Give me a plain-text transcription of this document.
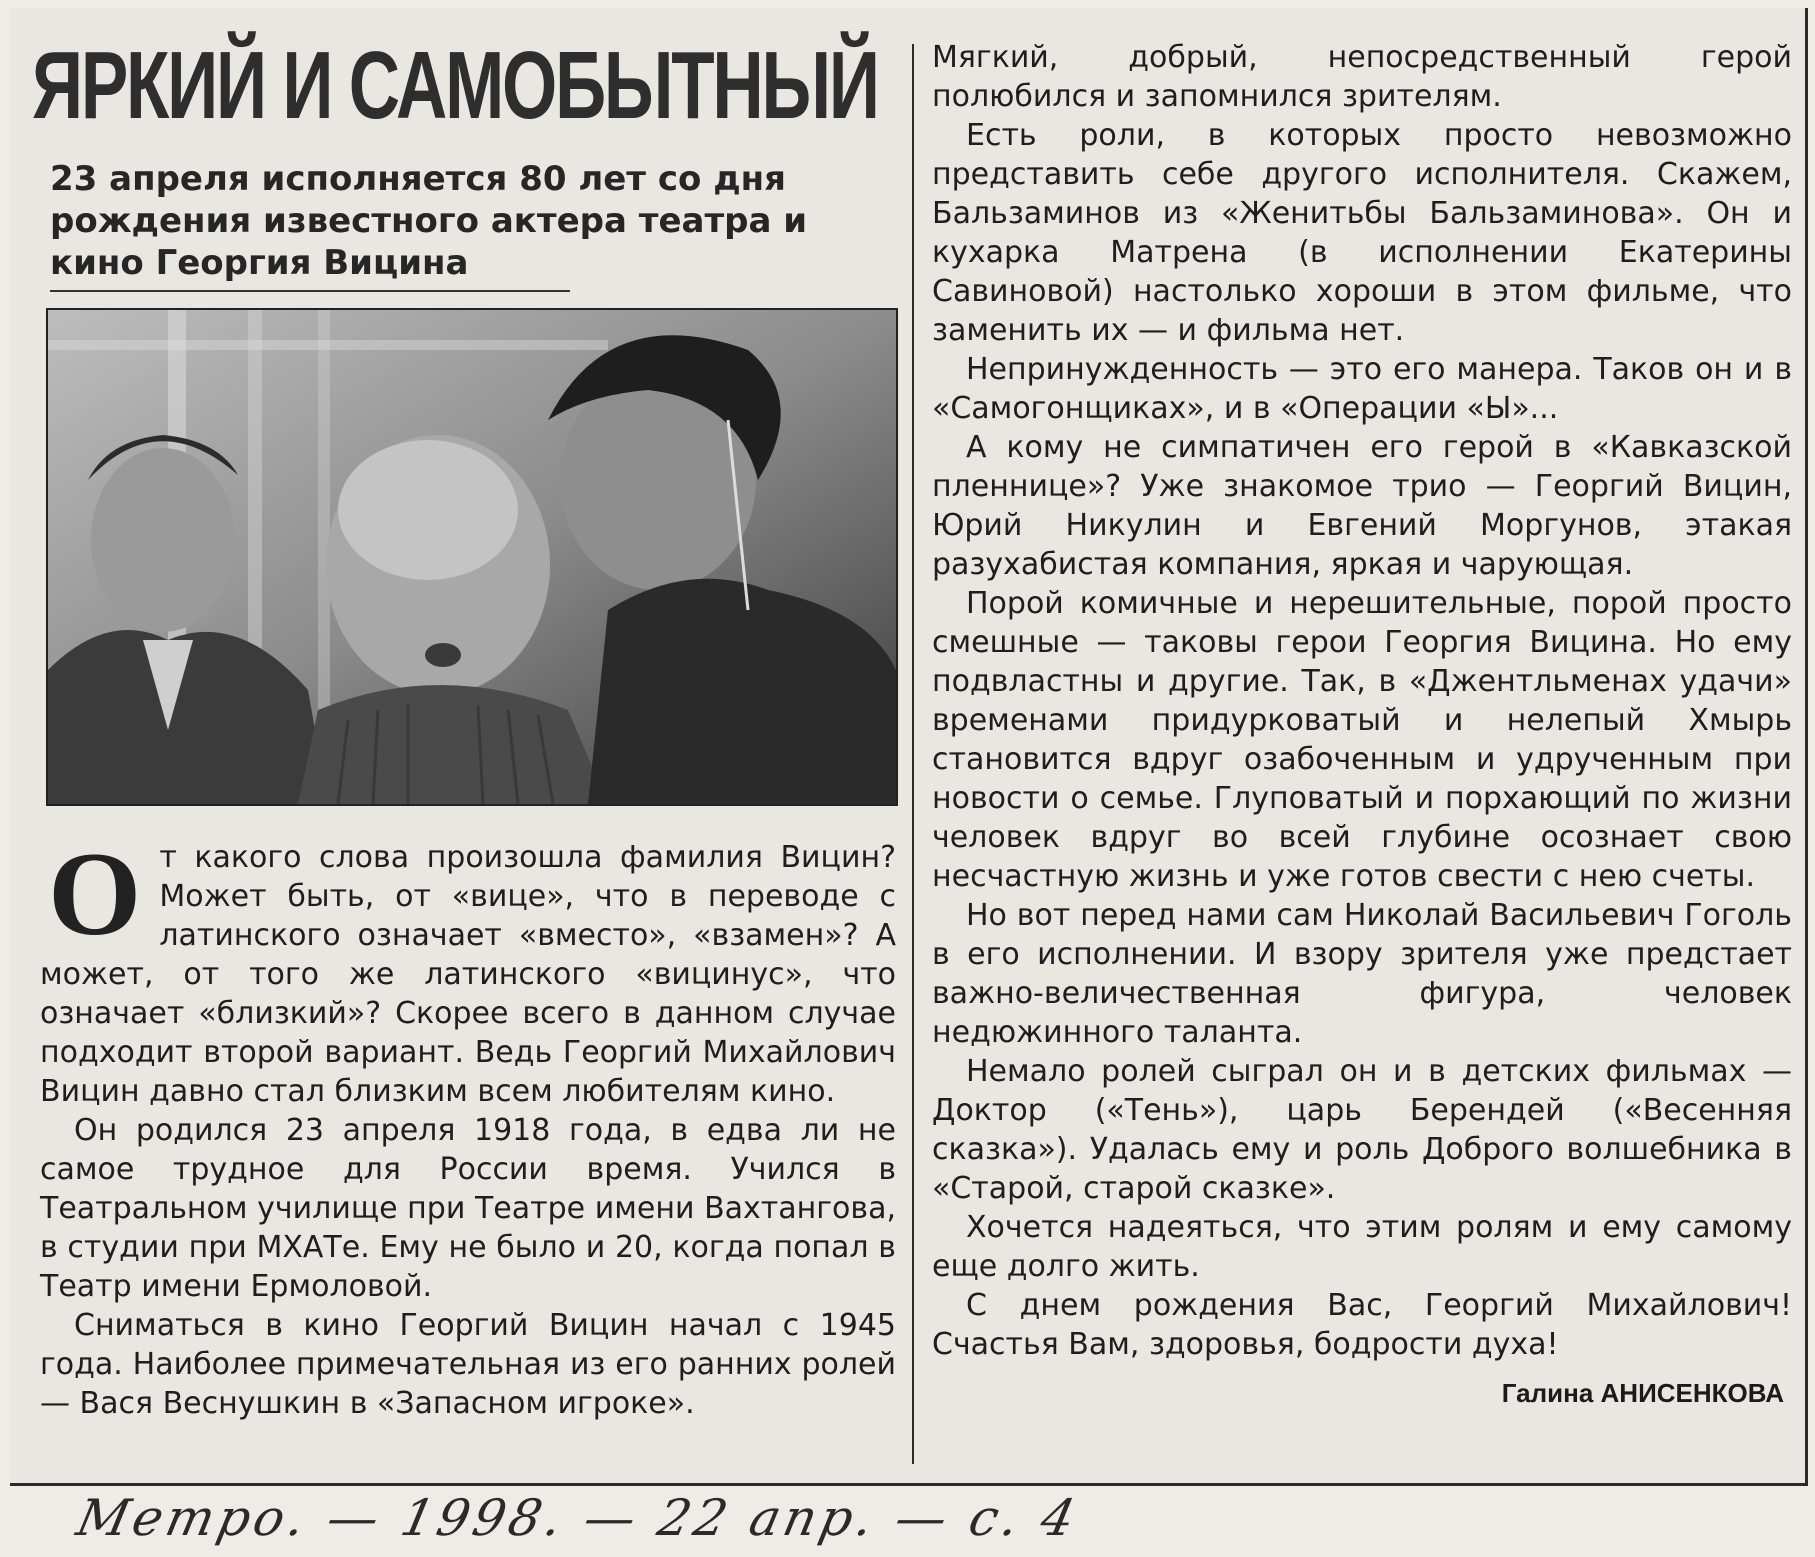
ЯРКИЙ И САМОБЫТНЫЙ
23 апреля исполняется 80 лет со дня рождения известного актера театра и кино Георгия Вицина

От какого слова произошла фамилия Вицин? Может быть, от «вице», что в переводе с латинского означает «вместо», «взамен»? А может, от того же латинского «вицинус», что означает «близкий»? Скорее всего в данном случае подходит второй вариант. Ведь Георгий Михайлович Вицин давно стал близким всем любителям кино.

Он родился 23 апреля 1918 года, в едва ли не самое трудное для России время. Учился в Театральном училище при Театре имени Вахтангова, в студии при МХАТе. Ему не было и 20, когда попал в Театр имени Ермоловой.

Сниматься в кино Георгий Вицин начал с 1945 года. Наиболее примечательная из его ранних ролей — Вася Веснушкин в «Запасном игроке».

Мягкий, добрый, непосредственный герой полюбился и запомнился зрителям.

Есть роли, в которых просто невозможно представить себе другого исполнителя. Скажем, Бальзаминов из «Женитьбы Бальзаминова». Он и кухарка Матрена (в исполнении Екатерины Савиновой) настолько хороши в этом фильме, что заменить их — и фильма нет.

Непринужденность — это его манера. Таков он и в «Самогонщиках», и в «Операции «Ы»...

А кому не симпатичен его герой в «Кавказской пленнице»? Уже знакомое трио — Георгий Вицин, Юрий Никулин и Евгений Моргунов, этакая разухабистая компания, яркая и чарующая.

Порой комичные и нерешительные, порой просто смешные — таковы герои Георгия Вицина. Но ему подвластны и другие. Так, в «Джентльменах удачи» временами придурковатый и нелепый Хмырь становится вдруг озабоченным и удрученным при новости о семье. Глуповатый и порхающий по жизни человек вдруг во всей глубине осознает свою несчастную жизнь и уже готов свести с нею счеты.

Но вот перед нами сам Николай Васильевич Гоголь в его исполнении. И взору зрителя уже предстает важно-величественная фигура, человек недюжинного таланта.

Немало ролей сыграл он и в детских фильмах — Доктор («Тень»), царь Берендей («Весенняя сказка»). Удалась ему и роль Доброго волшебника в «Старой, старой сказке».

Хочется надеяться, что этим ролям и ему самому еще долго жить.

С днем рождения Вас, Георгий Михайлович! Счастья Вам, здоровья, бодрости духа!

Галина АНИСЕНКОВА
Метро. — 1998. — 22 апр. — с. 4
